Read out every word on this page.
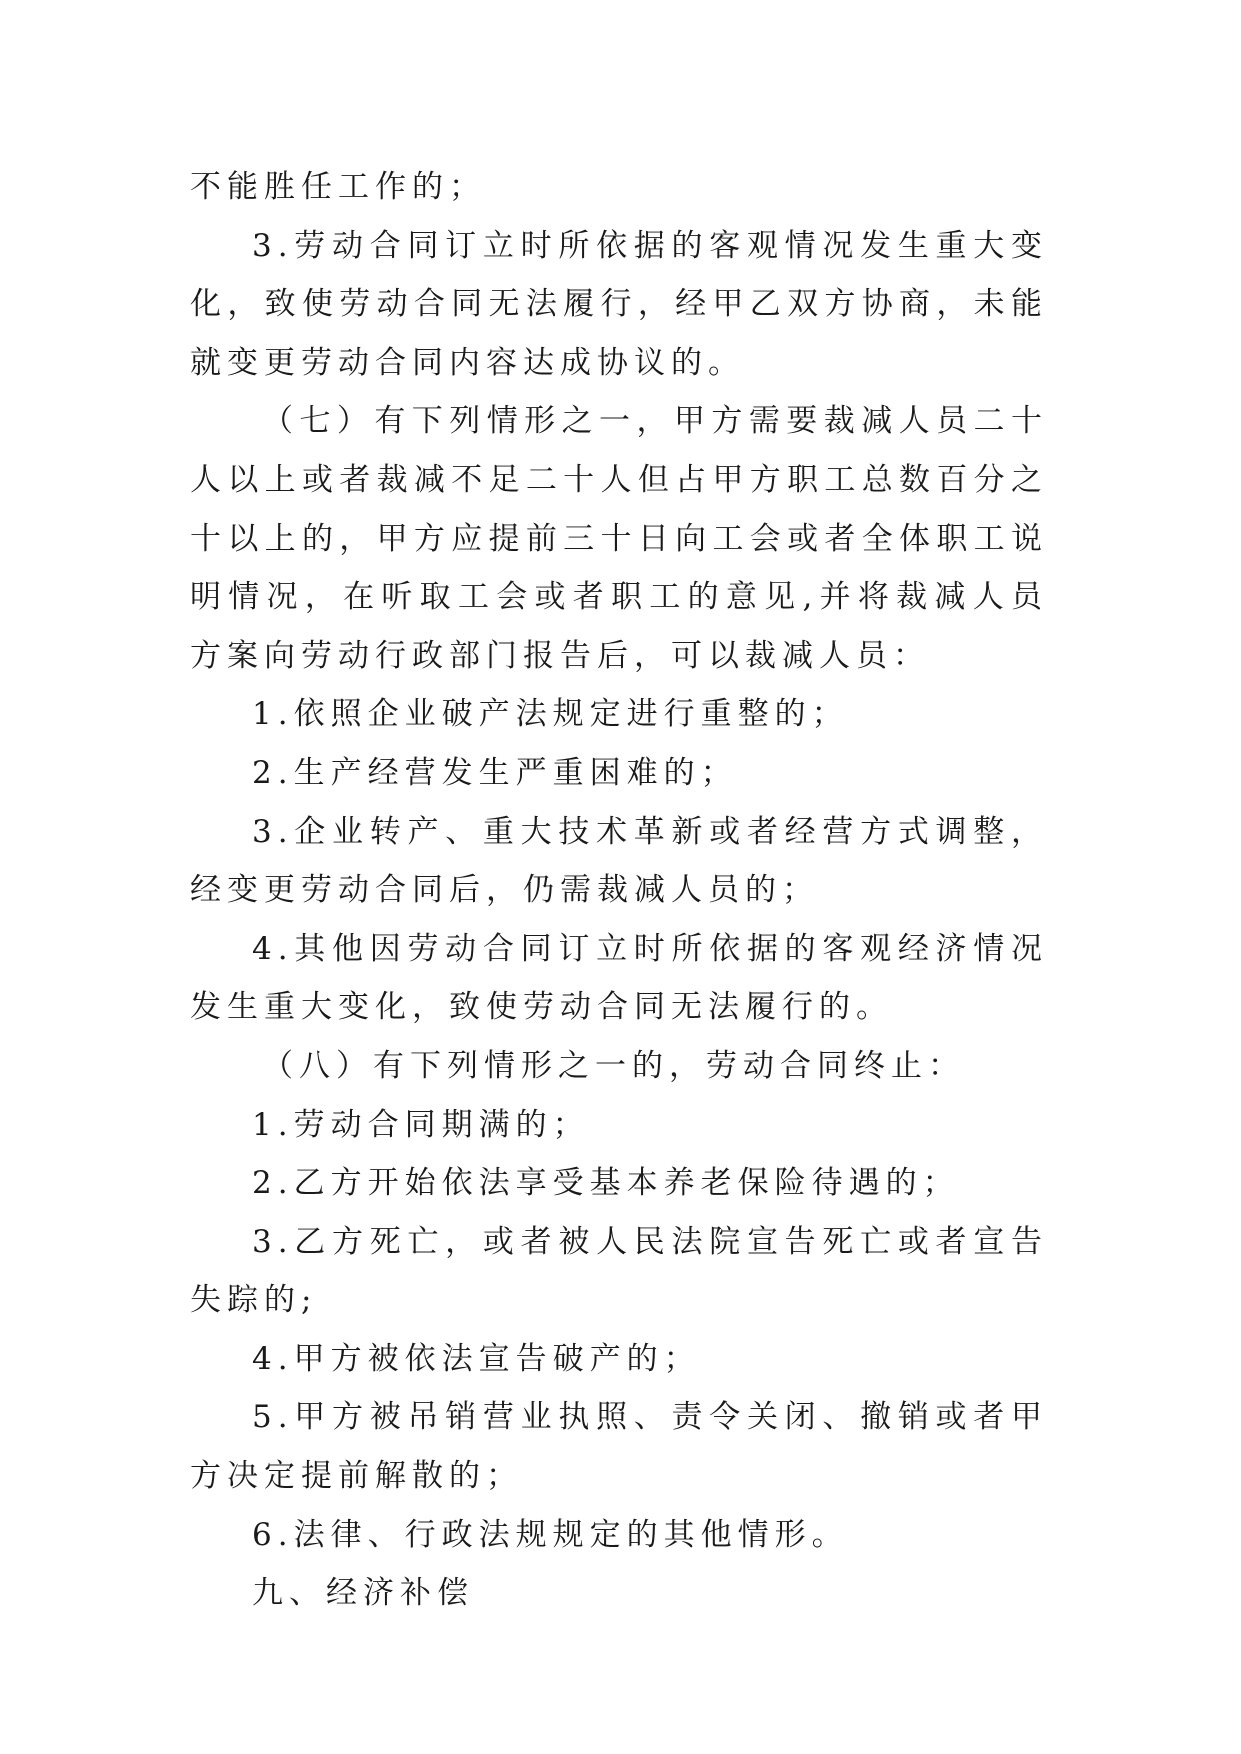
不能胜任工作的；

3.劳动合同订立时所依据的客观情况发生重大变化，致使劳动合同无法履行，经甲乙双方协商，未能就变更劳动合同内容达成协议的。

（七）有下列情形之一，甲方需要裁减人员二十人以上或者裁减不足二十人但占甲方职工总数百分之十以上的，甲方应提前三十日向工会或者全体职工说明情况，在听取工会或者职工的意见,并将裁减人员方案向劳动行政部门报告后，可以裁减人员：

1.依照企业破产法规定进行重整的；

2.生产经营发生严重困难的；

3.企业转产、重大技术革新或者经营方式调整，经变更劳动合同后，仍需裁减人员的；

4.其他因劳动合同订立时所依据的客观经济情况发生重大变化，致使劳动合同无法履行的。

（八）有下列情形之一的，劳动合同终止：

1.劳动合同期满的；

2.乙方开始依法享受基本养老保险待遇的；

3.乙方死亡，或者被人民法院宣告死亡或者宣告失踪的;

4.甲方被依法宣告破产的；

5.甲方被吊销营业执照、责令关闭、撤销或者甲方决定提前解散的；

6.法律、行政法规规定的其他情形。

九、经济补偿
